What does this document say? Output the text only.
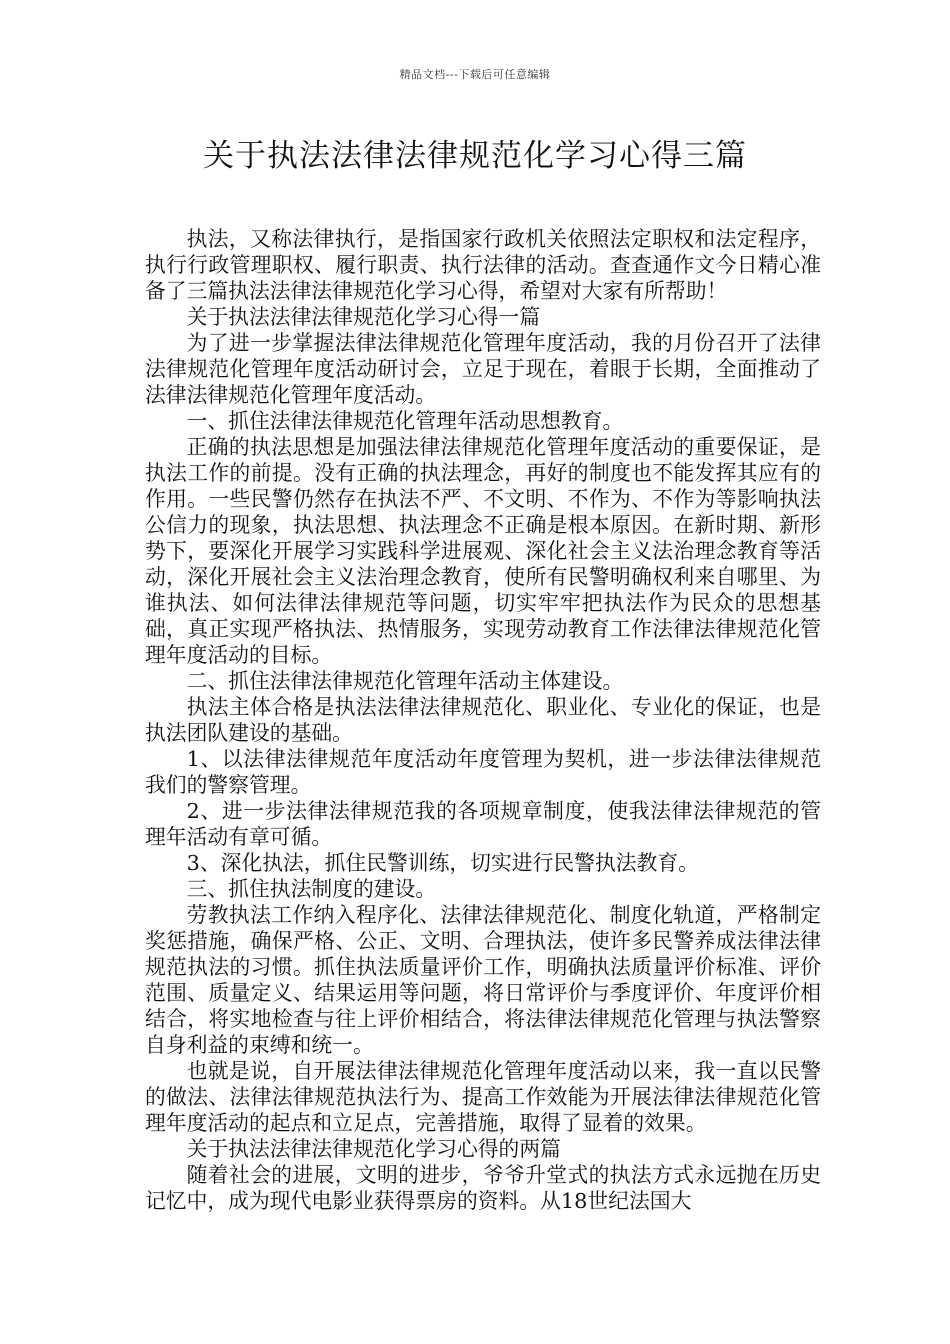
精品文档---下载后可任意编辑
关于执法法律法律规范化学习心得三篇

执法，又称法律执行，是指国家行政机关依照法定职权和法定程序，执行行政管理职权、履行职责、执行法律的活动。查查通作文今日精心准备了三篇执法法律法律规范化学习心得，希望对大家有所帮助！

关于执法法律法律规范化学习心得一篇

为了进一步掌握法律法律规范化管理年度活动，我的月份召开了法律法律规范化管理年度活动研讨会，立足于现在，着眼于长期，全面推动了法律法律规范化管理年度活动。

一、抓住法律法律规范化管理年活动思想教育。

正确的执法思想是加强法律法律规范化管理年度活动的重要保证，是执法工作的前提。没有正确的执法理念，再好的制度也不能发挥其应有的作用。一些民警仍然存在执法不严、不文明、不作为、不作为等影响执法公信力的现象，执法思想、执法理念不正确是根本原因。在新时期、新形势下，要深化开展学习实践科学进展观、深化社会主义法治理念教育等活动，深化开展社会主义法治理念教育，使所有民警明确权利来自哪里、为谁执法、如何法律法律规范等问题，切实牢牢把执法作为民众的思想基础，真正实现严格执法、热情服务，实现劳动教育工作法律法律规范化管理年度活动的目标。

二、抓住法律法律规范化管理年活动主体建设。

执法主体合格是执法法律法律规范化、职业化、专业化的保证，也是执法团队建设的基础。

1、以法律法律规范年度活动年度管理为契机，进一步法律法律规范我们的警察管理。

2、进一步法律法律规范我的各项规章制度，使我法律法律规范的管理年活动有章可循。

3、深化执法，抓住民警训练，切实进行民警执法教育。

三、抓住执法制度的建设。

劳教执法工作纳入程序化、法律法律规范化、制度化轨道，严格制定奖惩措施，确保严格、公正、文明、合理执法，使许多民警养成法律法律规范执法的习惯。抓住执法质量评价工作，明确执法质量评价标准、评价范围、质量定义、结果运用等问题，将日常评价与季度评价、年度评价相结合，将实地检查与往上评价相结合，将法律法律规范化管理与执法警察自身利益的束缚和统一。

也就是说，自开展法律法律规范化管理年度活动以来，我一直以民警的做法、法律法律规范执法行为、提高工作效能为开展法律法律规范化管理年度活动的起点和立足点，完善措施，取得了显着的效果。

关于执法法律法律规范化学习心得的两篇

随着社会的进展，文明的进步，爷爷升堂式的执法方式永远抛在历史记忆中，成为现代电影业获得票房的资料。从18世纪法国大
